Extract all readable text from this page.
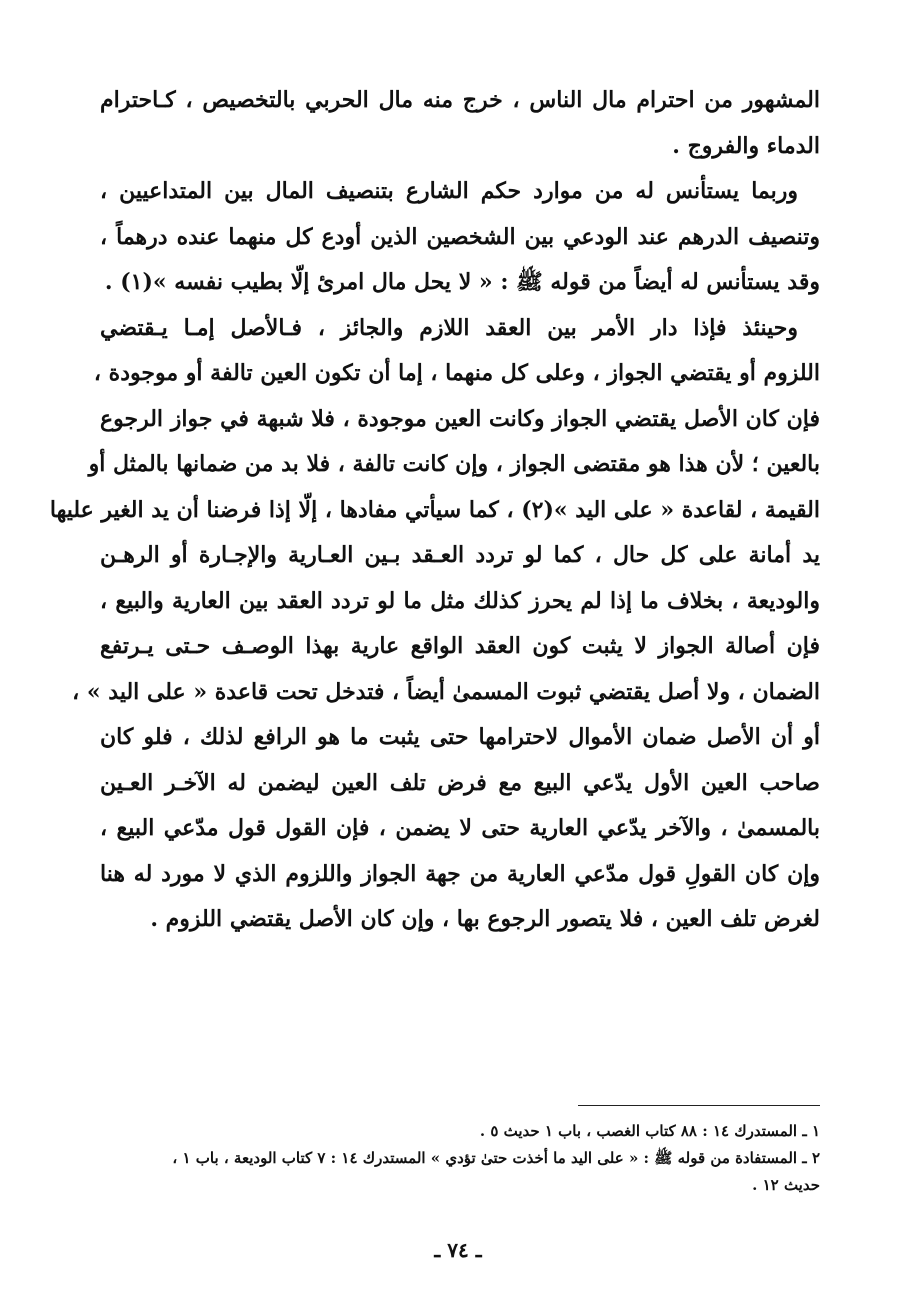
المشهور من احترام مال الناس ، خرج منه مال الحربي بالتخصيص ، كـاحترام
الدماء والفروج .

وربما يستأنس له من موارد حكم الشارع بتنصيف المال بين المتداعيين ،
وتنصيف الدرهم عند الودعي بين الشخصين الذين أودع كل منهما عنده درهماً ،
وقد يستأنس له أيضاً من قوله ﷺ : « لا يحل مال امرئ إلّا بطيب نفسه »(١) .

وحينئذ فإذا دار الأمر بين العقد اللازم والجائز ، فـالأصل إمـا يـقتضي
اللزوم أو يقتضي الجواز ، وعلى كل منهما ، إما أن تكون العين تالفة أو موجودة ،
فإن كان الأصل يقتضي الجواز وكانت العين موجودة ، فلا شبهة في جواز الرجوع
بالعين ؛ لأن هذا هو مقتضى الجواز ، وإن كانت تالفة ، فلا بد من ضمانها بالمثل أو
القيمة ، لقاعدة « على اليد »(٢) ، كما سيأتي مفادها ، إلّا إذا فرضنا أن يد الغير عليها
يد أمانة على كل حال ، كما لو تردد العـقد بـين العـارية والإجـارة أو الرهـن
والوديعة ، بخلاف ما إذا لم يحرز كذلك مثل ما لو تردد العقد بين العارية والبيع ،
فإن أصالة الجواز لا يثبت كون العقد الواقع عارية بهذا الوصـف حـتى يـرتفع
الضمان ، ولا أصل يقتضي ثبوت المسمىٰ أيضاً ، فتدخل تحت قاعدة « على اليد » ،
أو أن الأصل ضمان الأموال لاحترامها حتى يثبت ما هو الرافع لذلك ، فلو كان
صاحب العين الأول يدّعي البيع مع فرض تلف العين ليضمن له الآخـر العـين
بالمسمىٰ ، والآخر يدّعي العارية حتى لا يضمن ، فإن القول قول مدّعي البيع ،
وإن كان القولِ قول مدّعي العارية من جهة الجواز واللزوم الذي لا مورد له هنا
لغرض تلف العين ، فلا يتصور الرجوع بها ، وإن كان الأصل يقتضي اللزوم .

١ ـ المستدرك ١٤ : ٨٨ كتاب الغصب ، باب ١ حديث ٥ .
٢ ـ المستفادة من قوله ﷺ : « على اليد ما أخذت حتىٰ تؤدي » المستدرك ١٤ : ٧ كتاب الوديعة ، باب ١ ،
حديث ١٢ .
ـ ٧٤ ـ
